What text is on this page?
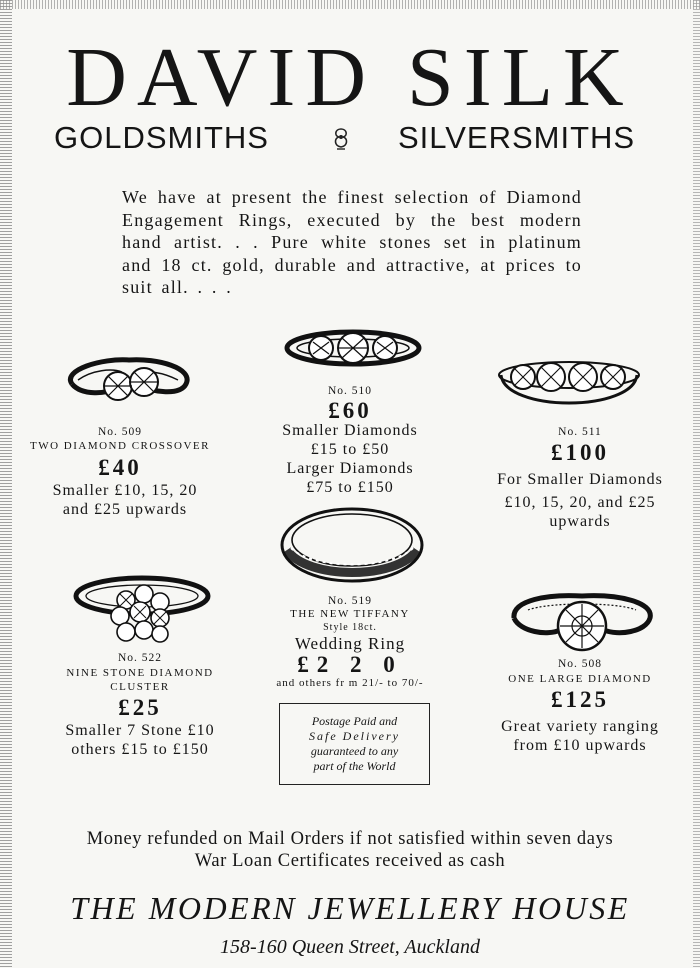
DAVID SILK
GOLDSMITHS	SILVERSMITHS
We have at present the finest selection of Diamond Engagement Rings, executed by the best modern hand artist. . . Pure white stones set in platinum and 18 ct. gold, durable and attractive, at prices to suit all. . . .
No. 510
£60
Smaller Diamonds
£15 to £50
Larger Diamonds
£75 to £150
No. 509
TWO DIAMOND CROSSOVER
£40
Smaller £10, 15, 20
and £25 upwards
No. 511
£100
For Smaller Diamonds
£10, 15, 20, and £25
upwards
No. 519
THE NEW TIFFANY
Style 18ct.
Wedding Ring
£2 2 0
and others fr m 21/- to 70/-
No. 522
NINE STONE DIAMOND
CLUSTER
£25
Smaller 7 Stone £10
others £15 to £150
No. 508
ONE LARGE DIAMOND
£125
Great variety ranging
from £10 upwards
Postage Paid and
Safe Delivery
guaranteed to any
part of the World
Money refunded on Mail Orders if not satisfied within seven days
War Loan Certificates received as cash
THE MODERN JEWELLERY HOUSE
158-160 Queen Street, Auckland
